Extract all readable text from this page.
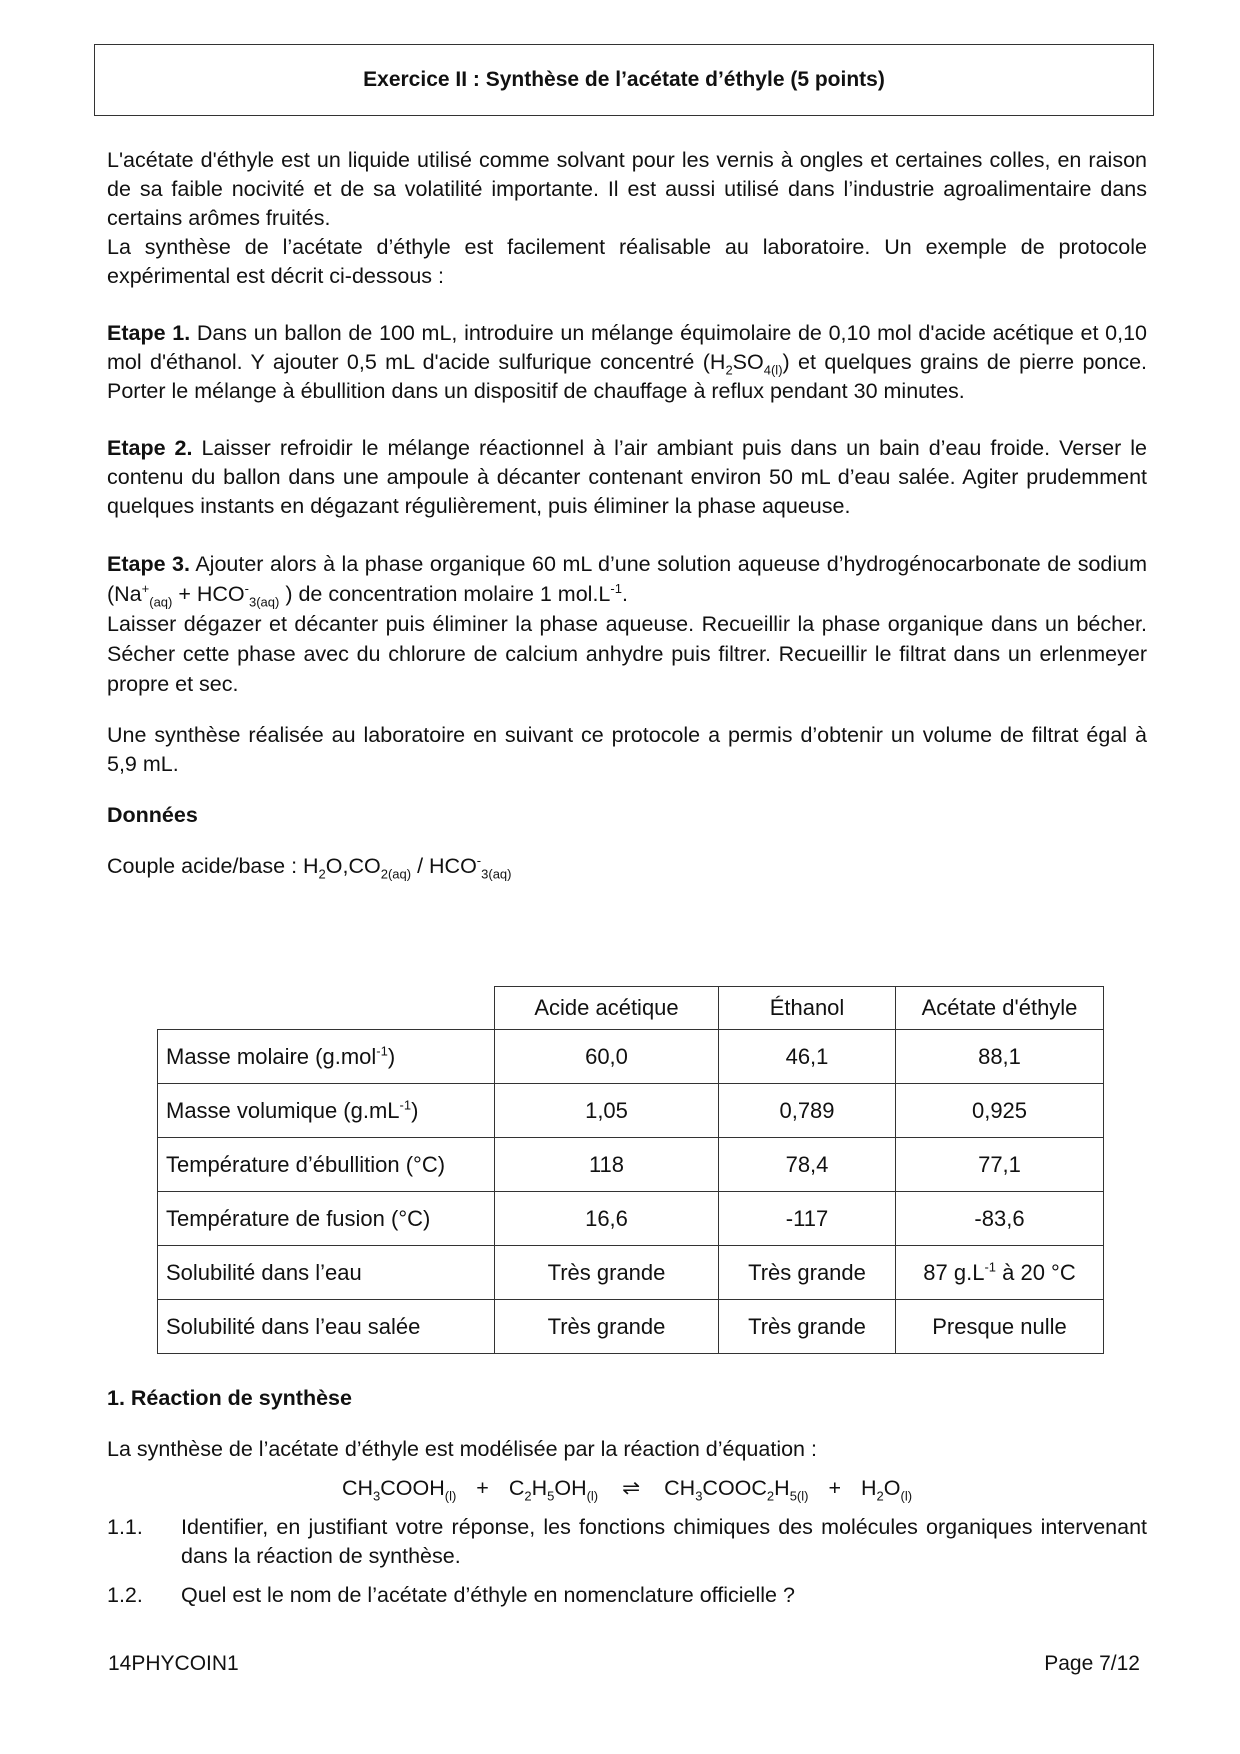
Exercice II : Synthèse de l’acétate d’éthyle (5 points)

L'acétate d'éthyle est un liquide utilisé comme solvant pour les vernis à ongles et certaines colles, en raison de sa faible nocivité et de sa volatilité importante. Il est aussi utilisé dans l’industrie agroalimentaire dans certains arômes fruités.

La synthèse de l’acétate d’éthyle est facilement réalisable au laboratoire. Un exemple de protocole expérimental est décrit ci-dessous :

Etape 1. Dans un ballon de 100 mL, introduire un mélange équimolaire de 0,10 mol d'acide acétique et 0,10 mol d'éthanol. Y ajouter 0,5 mL d'acide sulfurique concentré $(H_2SO_{4(l)})$ et quelques grains de pierre ponce. Porter le mélange à ébullition dans un dispositif de chauffage à reflux pendant 30 minutes.

Etape 2. Laisser refroidir le mélange réactionnel à l’air ambiant puis dans un bain d’eau froide. Verser le contenu du ballon dans une ampoule à décanter contenant environ 50 mL d’eau salée. Agiter prudemment quelques instants en dégazant régulièrement, puis éliminer la phase aqueuse.

Etape 3. Ajouter alors à la phase organique 60 mL d’une solution aqueuse d’hydrogénocarbonate de sodium ($Na^+_{(aq)} + HCO^-_{3(aq)}$ ) de concentration molaire 1 $mol.L^{-1}$.
Laisser dégazer et décanter puis éliminer la phase aqueuse. Recueillir la phase organique dans un bécher. Sécher cette phase avec du chlorure de calcium anhydre puis filtrer. Recueillir le filtrat dans un erlenmeyer propre et sec.

Une synthèse réalisée au laboratoire en suivant ce protocole a permis d’obtenir un volume de filtrat égal à 5,9 mL.

Données

Couple acide/base : $H_2O,CO_{2(aq)} / HCO^-_{3(aq)}$

	Acide acétique	Éthanol	Acétate d'éthyle
Masse molaire (g.mol$^{-1}$)	60,0	46,1	88,1
Masse volumique $(g.mL^{-1})$	1,05	0,789	0,925
Température d’ébullition (°C)	118	78,4	77,1
Température de fusion (°C)	16,6	-117	-83,6
Solubilité dans l’eau	Très grande	Très grande	87 $g.L^{-1}$ à 20 °C
Solubilité dans l’eau salée	Très grande	Très grande	Presque nulle

1. Réaction de synthèse

La synthèse de l’acétate d’éthyle est modélisée par la réaction d’équation :

$CH_3COOH_{(l)} + C_2H_5OH_{(l)}$ ⇌ $CH_3COOC_2H_{5(l)} + H_2O_{(l)}$
1.1.	Identifier, en justifiant votre réponse, les fonctions chimiques des molécules organiques intervenant dans la réaction de synthèse.
1.2.	Quel est le nom de l’acétate d’éthyle en nomenclature officielle ?
14PHYCOIN1	Page 7/12
